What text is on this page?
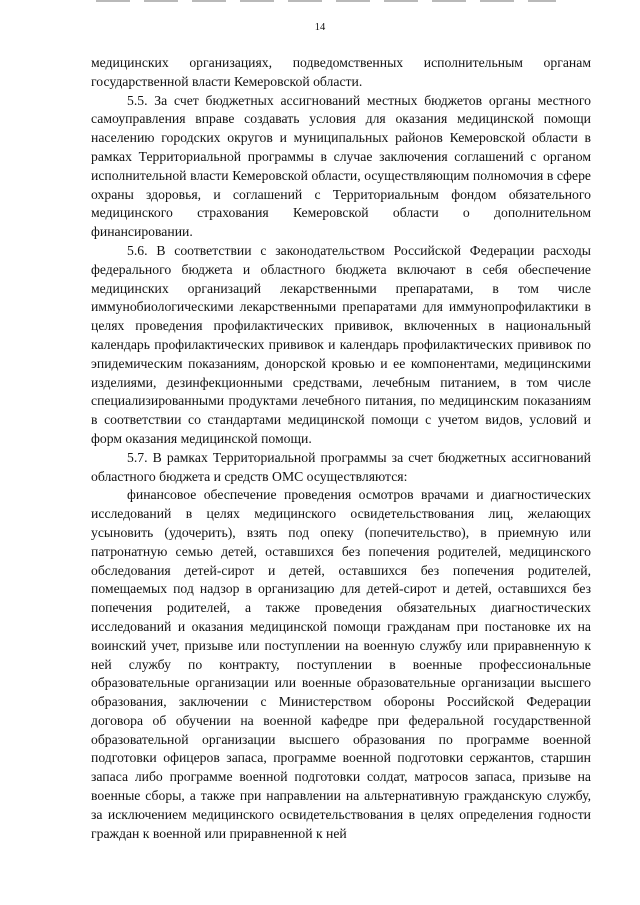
14

медицинских организациях, подведомственных исполнительным органам государственной власти Кемеровской области.

5.5. За счет бюджетных ассигнований местных бюджетов органы местного самоуправления вправе создавать условия для оказания медицинской помощи населению городских округов и муниципальных районов Кемеровской области в рамках Территориальной программы в случае заключения соглашений с органом исполнительной власти Кемеровской области, осуществляющим полномочия в сфере охраны здоровья, и соглашений с Территориальным фондом обязательного медицинского страхования Кемеровской области о дополнительном финансировании.

5.6. В соответствии с законодательством Российской Федерации расходы федерального бюджета и областного бюджета включают в себя обеспечение медицинских организаций лекарственными препаратами, в том числе иммунобиологическими лекарственными препаратами для иммунопрофилактики в целях проведения профилактических прививок, включенных в национальный календарь профилактических прививок и календарь профилактических прививок по эпидемическим показаниям, донорской кровью и ее компонентами, медицинскими изделиями, дезинфекционными средствами, лечебным питанием, в том числе специализированными продуктами лечебного питания, по медицинским показаниям в соответствии со стандартами медицинской помощи с учетом видов, условий и форм оказания медицинской помощи.

5.7. В рамках Территориальной программы за счет бюджетных ассигнований областного бюджета и средств ОМС осуществляются:

финансовое обеспечение проведения осмотров врачами и диагностических исследований в целях медицинского освидетельствования лиц, желающих усыновить (удочерить), взять под опеку (попечительство), в приемную или патронатную семью детей, оставшихся без попечения родителей, медицинского обследования детей-сирот и детей, оставшихся без попечения родителей, помещаемых под надзор в организацию для детей-сирот и детей, оставшихся без попечения родителей, а также проведения обязательных диагностических исследований и оказания медицинской помощи гражданам при постановке их на воинский учет, призыве или поступлении на военную службу или приравненную к ней службу по контракту, поступлении в военные профессиональные образовательные организации или военные образовательные организации высшего образования, заключении с Министерством обороны Российской Федерации договора об обучении на военной кафедре при федеральной государственной образовательной организации высшего образования по программе военной подготовки офицеров запаса, программе военной подготовки сержантов, старшин запаса либо программе военной подготовки солдат, матросов запаса, призыве на военные сборы, а также при направлении на альтернативную гражданскую службу, за исключением медицинского освидетельствования в целях определения годности граждан к военной или приравненной к ней
